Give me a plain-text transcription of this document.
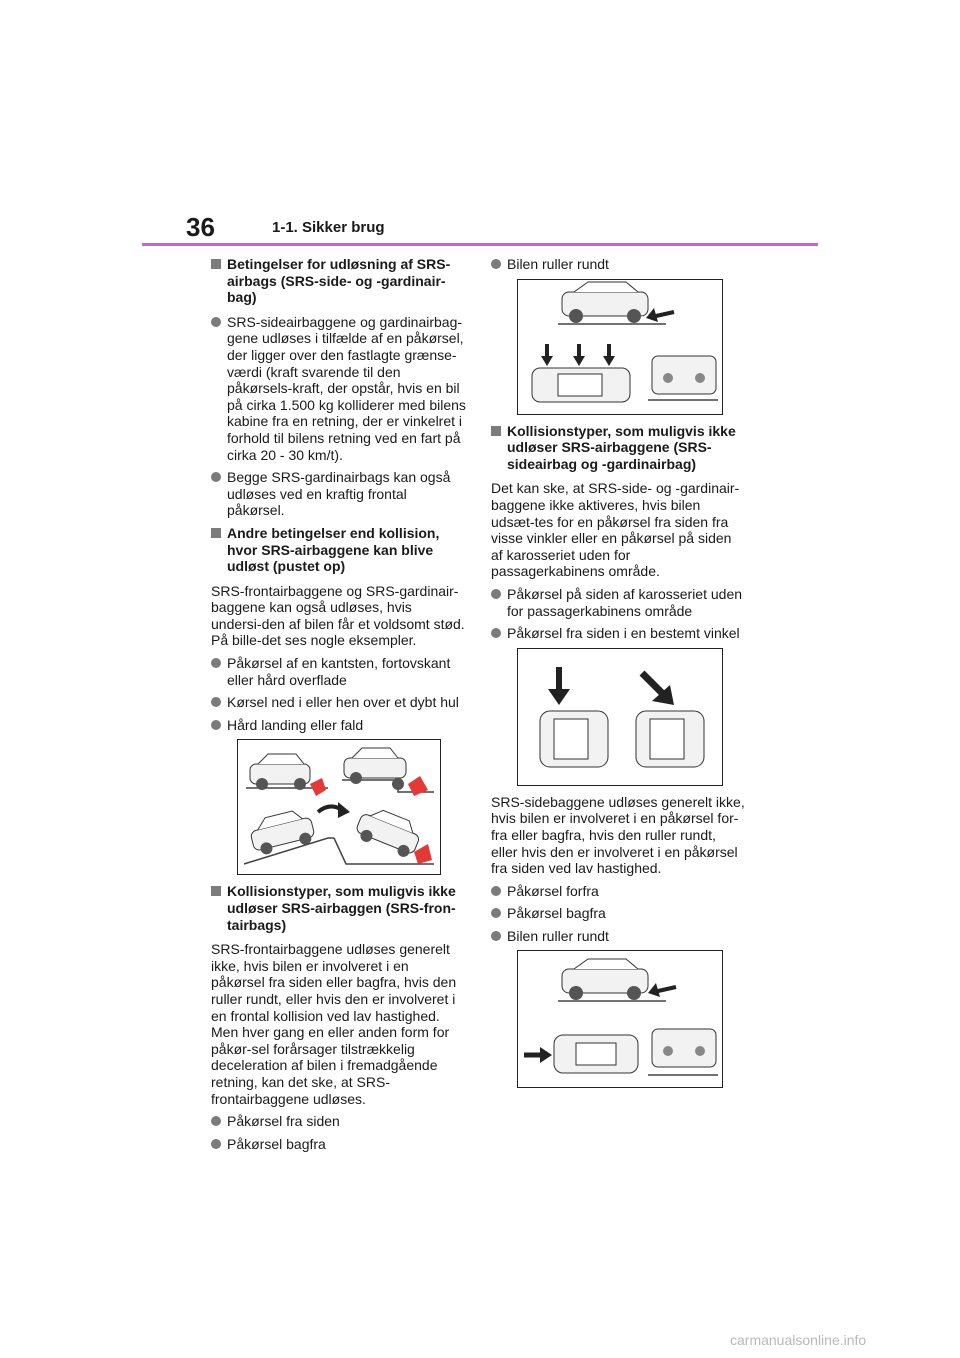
36	1-1. Sikker brug
Betingelser for udløsning af SRS-airbags (SRS-side- og -gardinair-bag)
SRS-sideairbaggene og gardinairbag-gene udløses i tilfælde af en påkørsel, der ligger over den fastlagte grænse-værdi (kraft svarende til den påkørsels-kraft, der opstår, hvis en bil på cirka 1.500 kg kolliderer med bilens kabine fra en retning, der er vinkelret i forhold til bilens retning ved en fart på cirka 20 - 30 km/t).
Begge SRS-gardinairbags kan også udløses ved en kraftig frontal påkørsel.
Andre betingelser end kollision, hvor SRS-airbaggene kan blive udløst (pustet op)
SRS-frontairbaggene og SRS-gardinair-baggene kan også udløses, hvis undersi-den af bilen får et voldsomt stød. På bille-det ses nogle eksempler.
Påkørsel af en kantsten, fortovskant eller hård overflade
Kørsel ned i eller hen over et dybt hul
Hård landing eller fald
Kollisionstyper, som muligvis ikke udløser SRS-airbaggen (SRS-fron-tairbags)
SRS-frontairbaggene udløses generelt ikke, hvis bilen er involveret i en påkørsel fra siden eller bagfra, hvis den ruller rundt, eller hvis den er involveret i en frontal kollision ved lav hastighed. Men hver gang en eller anden form for påkør-sel forårsager tilstrækkelig deceleration af bilen i fremadgående retning, kan det ske, at SRS-frontairbaggene udløses.
Påkørsel fra siden
Påkørsel bagfra
Bilen ruller rundt
Kollisionstyper, som muligvis ikke udløser SRS-airbaggene (SRS-sideairbag og -gardinairbag)
Det kan ske, at SRS-side- og -gardinair-baggene ikke aktiveres, hvis bilen udsæt-tes for en påkørsel fra siden fra visse vinkler eller en påkørsel på siden af karosseriet uden for passagerkabinens område.
Påkørsel på siden af karosseriet uden for passagerkabinens område
Påkørsel fra siden i en bestemt vinkel
SRS-sidebaggene udløses generelt ikke, hvis bilen er involveret i en påkørsel for-fra eller bagfra, hvis den ruller rundt, eller hvis den er involveret i en påkørsel fra siden ved lav hastighed.
Påkørsel forfra
Påkørsel bagfra
Bilen ruller rundt
carmanualsonline.info
